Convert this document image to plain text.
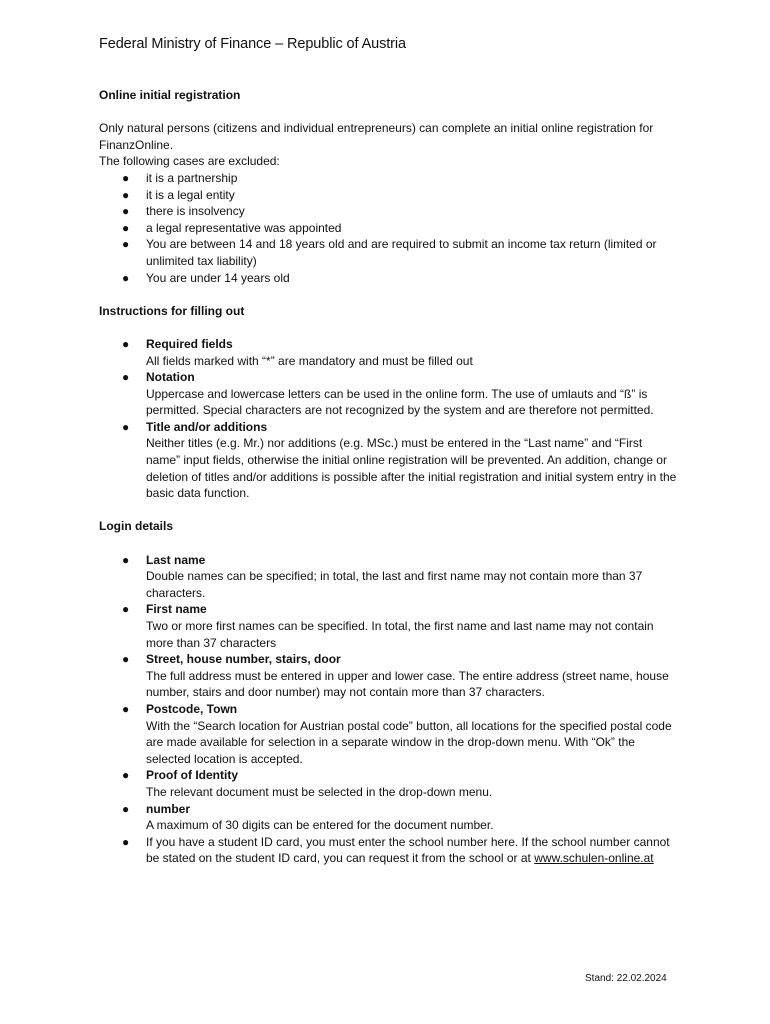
Federal Ministry of Finance – Republic of Austria
Online initial registration

Only natural persons (citizens and individual entrepreneurs) can complete an initial online registration for FinanzOnline.

The following cases are excluded:

● it is a partnership
● it is a legal entity
● there is insolvency
● a legal representative was appointed
● You are between 14 and 18 years old and are required to submit an income tax return (limited or unlimited tax liability)
● You are under 14 years old
Instructions for filling out
● Required fields
All fields marked with “*” are mandatory and must be filled out
● Notation
Uppercase and lowercase letters can be used in the online form. The use of umlauts and “ß” is permitted. Special characters are not recognized by the system and are therefore not permitted.
● Title and/or additions
Neither titles (e.g. Mr.) nor additions (e.g. MSc.) must be entered in the “Last name” and “First name” input fields, otherwise the initial online registration will be prevented. An addition, change or deletion of titles and/or additions is possible after the initial registration and initial system entry in the basic data function.
Login details
● Last name
Double names can be specified; in total, the last and first name may not contain more than 37 characters.
● First name
Two or more first names can be specified. In total, the first name and last name may not contain more than 37 characters
● Street, house number, stairs, door
The full address must be entered in upper and lower case. The entire address (street name, house number, stairs and door number) may not contain more than 37 characters.
● Postcode, Town
With the “Search location for Austrian postal code” button, all locations for the specified postal code are made available for selection in a separate window in the drop-down menu. With “Ok” the selected location is accepted.
● Proof of Identity
The relevant document must be selected in the drop-down menu.
● number
A maximum of 30 digits can be entered for the document number.
● If you have a student ID card, you must enter the school number here. If the school number cannot be stated on the student ID card, you can request it from the school or at www.schulen-online.at
Stand: 22.02.2024
